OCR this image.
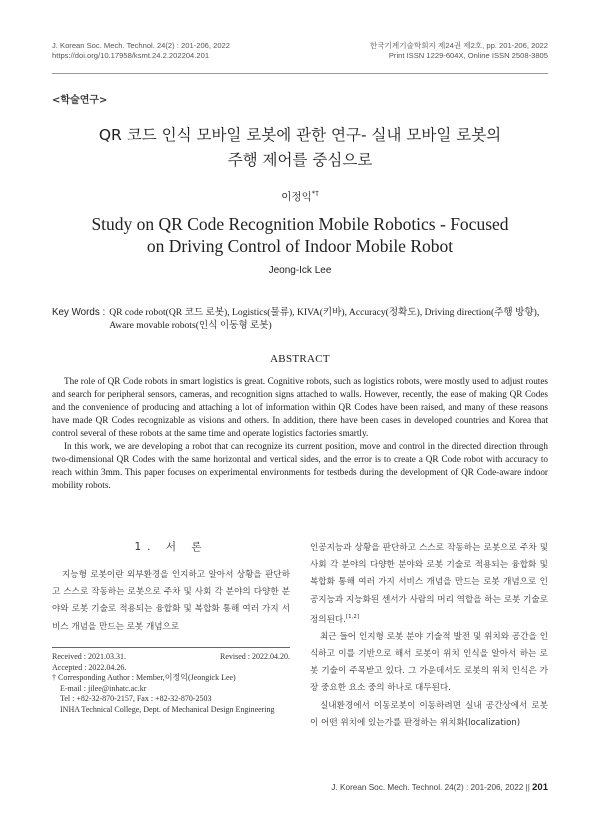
J. Korean Soc. Mech. Technol. 24(2) : 201-206, 2022
https://doi.org/10.17958/ksmt.24.2.202204.201
한국기계기술학회지 제24권 제2호, pp. 201-206, 2022
Print ISSN 1229-604X, Online ISSN 2508-3805
<학술연구>
QR 코드 인식 모바일 로봇에 관한 연구- 실내 모바일 로봇의
주행 제어를 중심으로
이정익*†
Study on QR Code Recognition Mobile Robotics - Focused
on Driving Control of Indoor Mobile Robot
Jeong-Ick Lee
Key Words : QR code robot(QR 코드 로봇), Logistics(물류), KIVA(키바), Accuracy(정확도), Driving direction(주행 방향), Aware movable robots(인식 이동형 로봇)
ABSTRACT

The role of QR Code robots in smart logistics is great. Cognitive robots, such as logistics robots, were mostly used to adjust routes and search for peripheral sensors, cameras, and recognition signs attached to walls. However, recently, the ease of making QR Codes and the convenience of producing and attaching a lot of information within QR Codes have been raised, and many of these reasons have made QR Codes recognizable as visions and others. In addition, there have been cases in developed countries and Korea that control several of these robots at the same time and operate logistics factories smartly.

In this work, we are developing a robot that can recognize its current position, move and control in the directed direction through two-dimensional QR Codes with the same horizontal and vertical sides, and the error is to create a QR Code robot with accuracy to reach within 3mm. This paper focuses on experimental environments for testbeds during the development of QR Code-aware indoor mobility robots.

1. 서 론

지능형 로봇이란 외부환경을 인지하고 알아서 상황을 판단하고 스스로 작동하는 로봇으로 주차 및 사회 각 분야의 다양한 분야와 로봇 기술로 적용되는 융합화 및 복합화 통해 여러 가지 서비스 개념을 만드는 로봇 개념으로

인공지능과 상황을 판단하고 스스로 작동하는 로봇으로 주차 및 사회 각 분야의 다양한 분야와 로봇 기술로 적용되는 융합화 및 복합화 통해 여러 가지 서비스 개념을 만드는 로봇 개념으로 인공지능과 지능화된 센서가 사람의 머리 역할을 하는 로봇 기술로 정의된다.[1,2]

최근 들어 인지형 로봇 분야 기술적 발전 및 위치와 공간을 인식하고 이를 기반으로 해서 로봇이 위치 인식을 알아서 하는 로봇 기술이 주목받고 있다. 그 가운데서도 로봇의 위치 인식은 가장 중요한 요소 중의 하나로 대두된다.

실내환경에서 이동로봇이 이동하려면 실내 공간상에서 로봇이 어떤 위치에 있는가를 판정하는 위치화(localization)

Received : 2021.03.31.	Revised : 2022.04.20.
Accepted : 2022.04.26.
† Corresponding Author : Member,이정익(Jeongick Lee)
E-mail : jilee@inhatc.ac.kr
Tel : +82-32-870-2157, Fax : +82-32-870-2503
INHA Technical College, Dept. of Mechanical Design Engineering
J. Korean Soc. Mech. Technol. 24(2) : 201-206, 2022 || 201
